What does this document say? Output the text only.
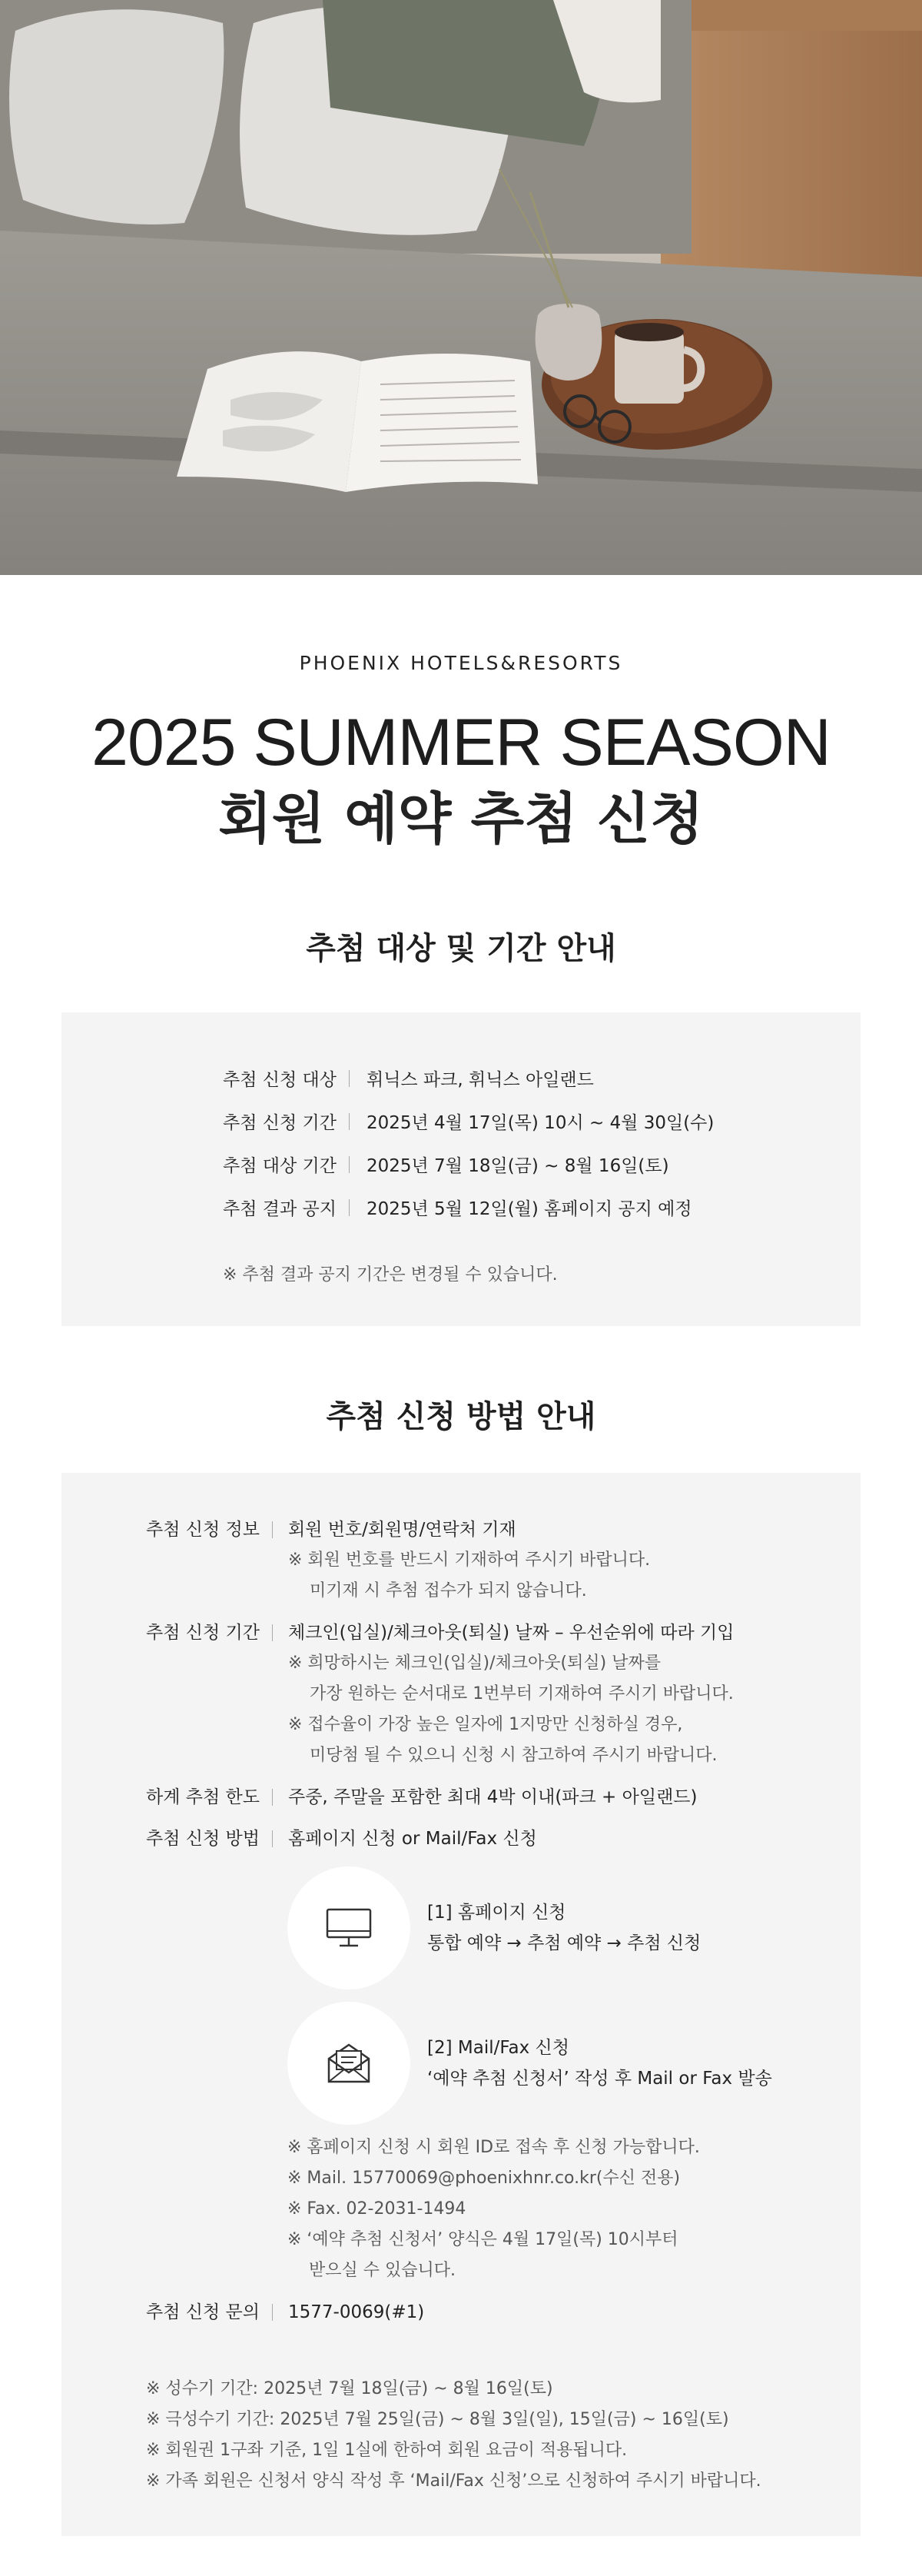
PHOENIX HOTELS&RESORTS
2025 SUMMER SEASON
회원 예약 추첨 신청
추첨 대상 및 기간 안내
추첨 신청 대상 휘닉스 파크, 휘닉스 아일랜드
추첨 신청 기간 2025년 4월 17일(목) 10시 ~ 4월 30일(수)
추첨 대상 기간 2025년 7월 18일(금) ~ 8월 16일(토)
추첨 결과 공지 2025년 5월 12일(월) 홈페이지 공지 예정
※ 추첨 결과 공지 기간은 변경될 수 있습니다.
추첨 신청 방법 안내
추첨 신청 정보 회원 번호/회원명/연락처 기재
※ 회원 번호를 반드시 기재하여 주시기 바랍니다.
미기재 시 추첨 접수가 되지 않습니다.
추첨 신청 기간 체크인(입실)/체크아웃(퇴실) 날짜 – 우선순위에 따라 기입
※ 희망하시는 체크인(입실)/체크아웃(퇴실) 날짜를
가장 원하는 순서대로 1번부터 기재하여 주시기 바랍니다.
※ 접수율이 가장 높은 일자에 1지망만 신청하실 경우,
미당첨 될 수 있으니 신청 시 참고하여 주시기 바랍니다.
하계 추첨 한도 주중, 주말을 포함한 최대 4박 이내(파크 + 아일랜드)
추첨 신청 방법 홈페이지 신청 or Mail/Fax 신청
[1] 홈페이지 신청
통합 예약 → 추첨 예약 → 추첨 신청
[2] Mail/Fax 신청
‘예약 추첨 신청서’ 작성 후 Mail or Fax 발송
※ 홈페이지 신청 시 회원 ID로 접속 후 신청 가능합니다.
※ Mail. 15770069@phoenixhnr.co.kr(수신 전용)
※ Fax. 02-2031-1494
※ ‘예약 추첨 신청서’ 양식은 4월 17일(목) 10시부터
받으실 수 있습니다.
추첨 신청 문의 1577-0069(#1)
※ 성수기 기간: 2025년 7월 18일(금) ~ 8월 16일(토)
※ 극성수기 기간: 2025년 7월 25일(금) ~ 8월 3일(일), 15일(금) ~ 16일(토)
※ 회원권 1구좌 기준, 1일 1실에 한하여 회원 요금이 적용됩니다.
※ 가족 회원은 신청서 양식 작성 후 ‘Mail/Fax 신청’으로 신청하여 주시기 바랍니다.
